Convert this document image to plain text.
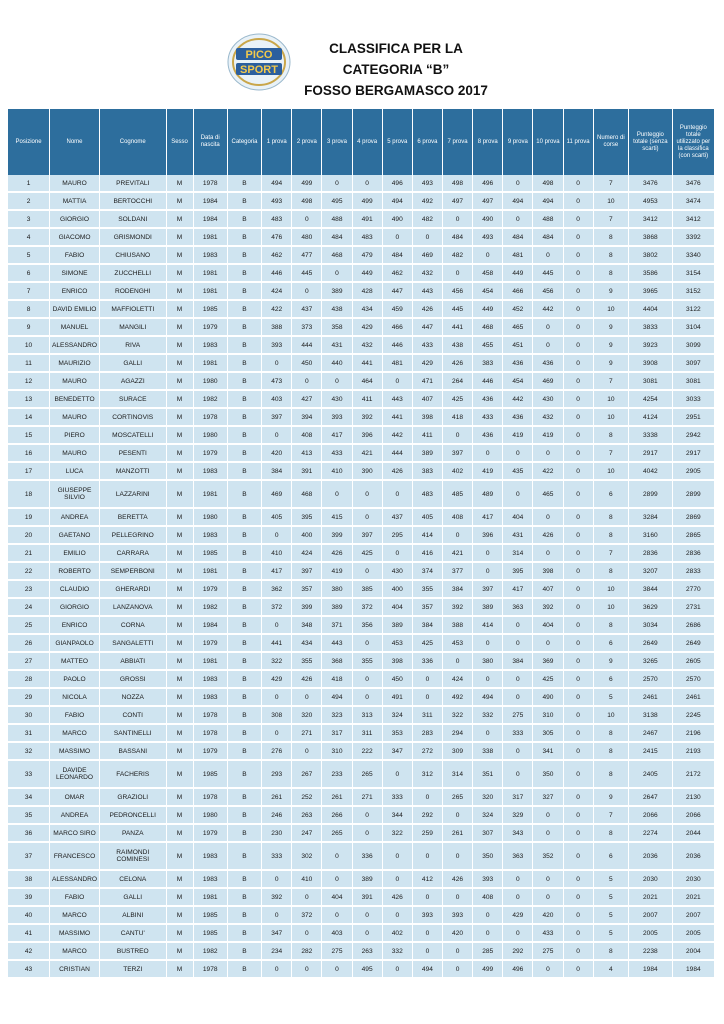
PICO
SPORT
CLASSIFICA PER LA
CATEGORIA “B”
FOSSO BERGAMASCO 2017
Posizione	Nome	Cognome	Sesso	Data di nascita	Categoria	1 prova	2 prova	3 prova	4 prova	5 prova	6 prova	7 prova	8 prova	9 prova	10 prova	11 prova	Numero di corse	Punteggio totale (senza scarti)	Punteggio totale utilizzato per la classifica (con scarti)
1	MAURO	PREVITALI	M	1978	B	494	499	0	0	496	493	498	496	0	498	0	7	3476	3476
2	MATTIA	BERTOCCHI	M	1984	B	493	498	495	499	494	492	497	497	494	494	0	10	4953	3474
3	GIORGIO	SOLDANI	M	1984	B	483	0	488	491	490	482	0	490	0	488	0	7	3412	3412
4	GIACOMO	GRISMONDI	M	1981	B	476	480	484	483	0	0	484	493	484	484	0	8	3868	3392
5	FABIO	CHIUSANO	M	1983	B	462	477	468	479	484	469	482	0	481	0	0	8	3802	3340
6	SIMONE	ZUCCHELLI	M	1981	B	446	445	0	449	462	432	0	458	449	445	0	8	3586	3154
7	ENRICO	RODENGHI	M	1981	B	424	0	389	428	447	443	456	454	466	456	0	9	3965	3152
8	DAVID EMILIO	MAFFIOLETTI	M	1985	B	422	437	438	434	459	426	445	449	452	442	0	10	4404	3122
9	MANUEL	MANGILI	M	1979	B	388	373	358	429	466	447	441	468	465	0	0	9	3833	3104
10	ALESSANDRO	RIVA	M	1983	B	393	444	431	432	446	433	438	455	451	0	0	9	3923	3099
11	MAURIZIO	GALLI	M	1981	B	0	450	440	441	481	429	426	383	436	436	0	9	3908	3097
12	MAURO	AGAZZI	M	1980	B	473	0	0	464	0	471	264	446	454	469	0	7	3081	3081
13	BENEDETTO	SURACE	M	1982	B	403	427	430	411	443	407	425	436	442	430	0	10	4254	3033
14	MAURO	CORTINOVIS	M	1978	B	397	394	393	392	441	398	418	433	436	432	0	10	4124	2951
15	PIERO	MOSCATELLI	M	1980	B	0	408	417	396	442	411	0	436	419	419	0	8	3338	2942
16	MAURO	PESENTI	M	1979	B	420	413	433	421	444	389	397	0	0	0	0	7	2917	2917
17	LUCA	MANZOTTI	M	1983	B	384	391	410	390	426	383	402	419	435	422	0	10	4042	2905
18	GIUSEPPE SILVIO	LAZZARINI	M	1981	B	469	468	0	0	0	483	485	489	0	465	0	6	2899	2899
19	ANDREA	BERETTA	M	1980	B	405	395	415	0	437	405	408	417	404	0	0	8	3284	2869
20	GAETANO	PELLEGRINO	M	1983	B	0	400	399	397	295	414	0	396	431	426	0	8	3160	2865
21	EMILIO	CARRARA	M	1985	B	410	424	426	425	0	416	421	0	314	0	0	7	2836	2836
22	ROBERTO	SEMPERBONI	M	1981	B	417	397	419	0	430	374	377	0	395	398	0	8	3207	2833
23	CLAUDIO	GHERARDI	M	1979	B	362	357	380	385	400	355	384	397	417	407	0	10	3844	2770
24	GIORGIO	LANZANOVA	M	1982	B	372	399	389	372	404	357	392	389	363	392	0	10	3629	2731
25	ENRICO	CORNA	M	1984	B	0	348	371	356	389	384	388	414	0	404	0	8	3034	2686
26	GIANPAOLO	SANGALETTI	M	1979	B	441	434	443	0	453	425	453	0	0	0	0	6	2649	2649
27	MATTEO	ABBIATI	M	1981	B	322	355	368	355	398	336	0	380	384	369	0	9	3265	2605
28	PAOLO	GROSSI	M	1983	B	429	426	418	0	450	0	424	0	0	425	0	6	2570	2570
29	NICOLA	NOZZA	M	1983	B	0	0	494	0	491	0	492	494	0	490	0	5	2461	2461
30	FABIO	CONTI	M	1978	B	308	320	323	313	324	311	322	332	275	310	0	10	3138	2245
31	MARCO	SANTINELLI	M	1978	B	0	271	317	311	353	283	294	0	333	305	0	8	2467	2196
32	MASSIMO	BASSANI	M	1979	B	276	0	310	222	347	272	309	338	0	341	0	8	2415	2193
33	DAVIDE LEONARDO	FACHERIS	M	1985	B	293	267	233	265	0	312	314	351	0	350	0	8	2405	2172
34	OMAR	GRAZIOLI	M	1978	B	261	252	261	271	333	0	265	320	317	327	0	9	2647	2130
35	ANDREA	PEDRONCELLI	M	1980	B	246	263	266	0	344	292	0	324	329	0	0	7	2066	2066
36	MARCO SIRO	PANZA	M	1979	B	230	247	265	0	322	259	261	307	343	0	0	8	2274	2044
37	FRANCESCO	RAIMONDI COMINESI	M	1983	B	333	302	0	336	0	0	0	350	363	352	0	6	2036	2036
38	ALESSANDRO	CELONA	M	1983	B	0	410	0	389	0	412	426	393	0	0	0	5	2030	2030
39	FABIO	GALLI	M	1981	B	392	0	404	391	426	0	0	408	0	0	0	5	2021	2021
40	MARCO	ALBINI	M	1985	B	0	372	0	0	0	393	393	0	429	420	0	5	2007	2007
41	MASSIMO	CANTU'	M	1985	B	347	0	403	0	402	0	420	0	0	433	0	5	2005	2005
42	MARCO	BUSTREO	M	1982	B	234	282	275	263	332	0	0	285	292	275	0	8	2238	2004
43	CRISTIAN	TERZI	M	1978	B	0	0	0	495	0	494	0	499	496	0	0	4	1984	1984
